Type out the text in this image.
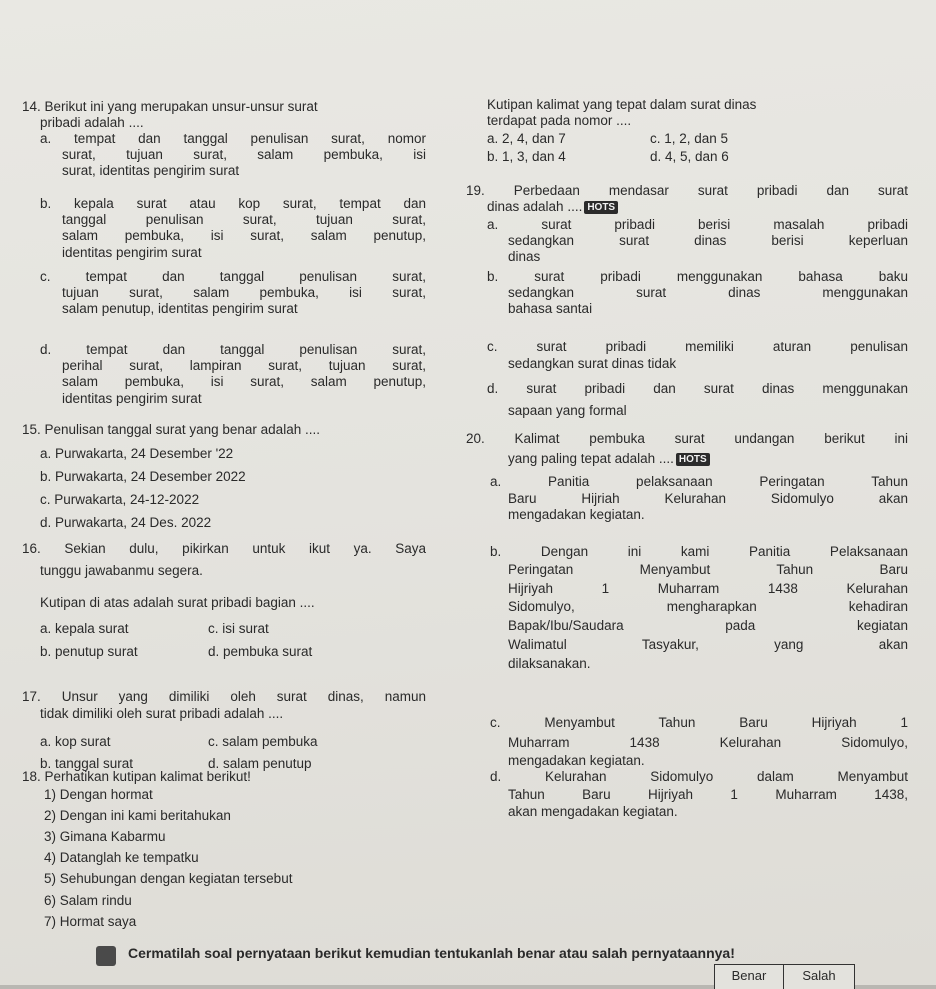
14. Berikut ini yang merupakan unsur-unsur surat
pribadi adalah ....
a. tempat dan tanggal penulisan surat, nomor
surat, tujuan surat, salam pembuka, isi
surat, identitas pengirim surat
b. kepala surat atau kop surat, tempat dan
tanggal penulisan surat, tujuan surat,
salam pembuka, isi surat, salam penutup,
identitas pengirim surat
c. tempat dan tanggal penulisan surat,
tujuan surat, salam pembuka, isi surat,
salam penutup, identitas pengirim surat
d. tempat dan tanggal penulisan surat,
perihal surat, lampiran surat, tujuan surat,
salam pembuka, isi surat, salam penutup,
identitas pengirim surat
15. Penulisan tanggal surat yang benar adalah ....
a. Purwakarta, 24 Desember '22
b. Purwakarta, 24 Desember 2022
c. Purwakarta, 24-12-2022
d. Purwakarta, 24 Des. 2022
16. Sekian dulu, pikirkan untuk ikut ya. Saya
tunggu jawabanmu segera.
Kutipan di atas adalah surat pribadi bagian ....
a. kepala surat	c. isi surat
b. penutup surat	d. pembuka surat
17. Unsur yang dimiliki oleh surat dinas, namun
tidak dimiliki oleh surat pribadi adalah ....
a. kop surat	c. salam pembuka
b. tanggal surat	d. salam penutup
18. Perhatikan kutipan kalimat berikut!
1) Dengan hormat
2) Dengan ini kami beritahukan
3) Gimana Kabarmu
4) Datanglah ke tempatku
5) Sehubungan dengan kegiatan tersebut
6) Salam rindu
7) Hormat saya
Kutipan kalimat yang tepat dalam surat dinas
terdapat pada nomor ....
a. 2, 4, dan 7	c. 1, 2, dan 5
b. 1, 3, dan 4	d. 4, 5, dan 6
19. Perbedaan mendasar surat pribadi dan surat
dinas adalah .... HOTS
a. surat pribadi berisi masalah pribadi
sedangkan surat dinas berisi keperluan
dinas
b. surat pribadi menggunakan bahasa baku
sedangkan surat dinas menggunakan
bahasa santai
c. surat pribadi memiliki aturan penulisan
sedangkan surat dinas tidak
d. surat pribadi dan surat dinas menggunakan
sapaan yang formal
20. Kalimat pembuka surat undangan berikut ini
yang paling tepat adalah .... HOTS
a. Panitia pelaksanaan Peringatan Tahun
Baru Hijriah Kelurahan Sidomulyo akan
mengadakan kegiatan.
b. Dengan ini kami Panitia Pelaksanaan
Peringatan Menyambut Tahun Baru
Hijriyah 1 Muharram 1438 Kelurahan
Sidomulyo, mengharapkan kehadiran
Bapak/Ibu/Saudara pada kegiatan
Walimatul Tasyakur, yang akan
dilaksanakan.
c. Menyambut Tahun Baru Hijriyah 1
Muharram 1438 Kelurahan Sidomulyo,
mengadakan kegiatan.
d. Kelurahan Sidomulyo dalam Menyambut
Tahun Baru Hijriyah 1 Muharram 1438,
akan mengadakan kegiatan.
Cermatilah soal pernyataan berikut kemudian tentukanlah benar atau salah pernyataannya!
Benar	Salah
